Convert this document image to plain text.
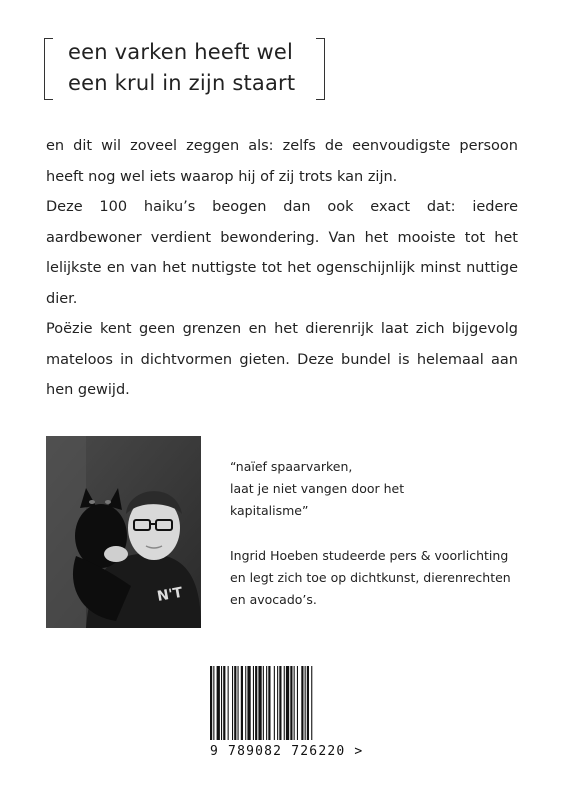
een varken heeft wel
een krul in zijn staart

en dit wil zoveel zeggen als: zelfs de eenvoudigste persoon heeft nog wel iets waarop hij of zij trots kan zijn.

Deze 100 haiku’s beogen dan ook exact dat: iedere aardbewoner verdient bewondering. Van het mooiste tot het lelijkste en van het nuttigste tot het ogenschijnlijk minst nuttige dier.

Poëzie kent geen grenzen en het dierenrijk laat zich bijgevolg mateloos in dichtvormen gieten. Deze bundel is helemaal aan hen gewijd.

N'T

“naïef spaarvarken,

laat je niet vangen door het

kapitalisme”

Ingrid Hoeben studeerde pers & voorlichting

en legt zich toe op dichtkunst, dierenrechten

en avocado’s.

9 789082 726220 >
